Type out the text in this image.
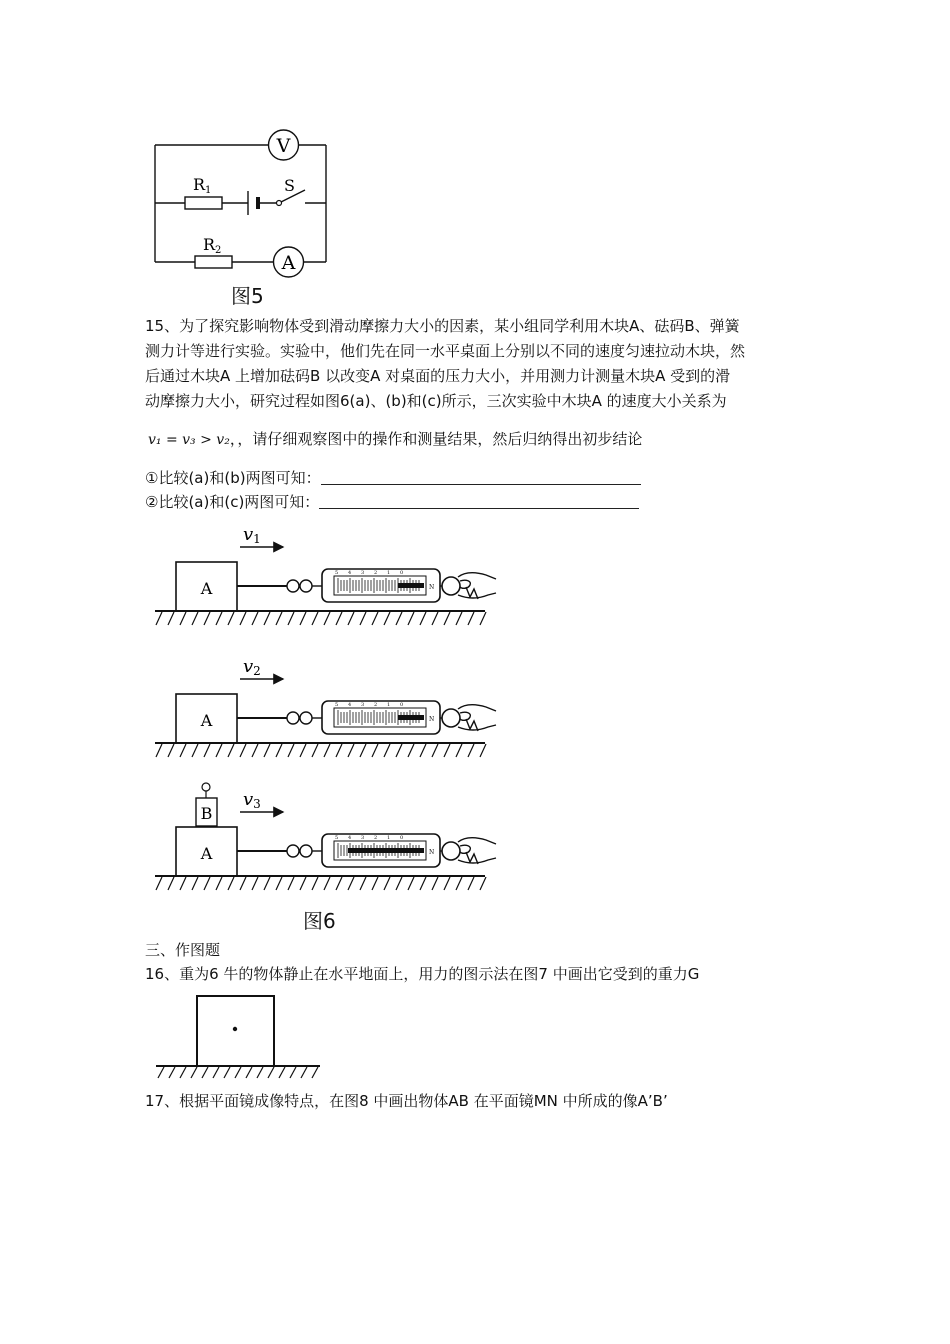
V
R1	S
R2
A
图5
15、为了探究影响物体受到滑动摩擦力大小的因素，某小组同学利用木块A、砝码B、弹簧
测力计等进行实验。实验中，他们先在同一水平桌面上分别以不同的速度匀速拉动木块，然
后通过木块A 上增加砝码B 以改变A 对桌面的压力大小，并用测力计测量木块A 受到的滑
动摩擦力大小，研究过程如图6(a)、(b)和(c)所示，三次实验中木块A 的速度大小关系为
v₁ = v₃ > v₂，，请仔细观察图中的操作和测量结果，然后归纳得出初步结论
①比较(a)和(b)两图可知：
②比较(a)和(c)两图可知：
v1
A
v2
A
v3
B
A
图6
三、作图题
16、重为6 牛的物体静止在水平地面上，用力的图示法在图7 中画出它受到的重力G
17、根据平面镜成像特点，在图8 中画出物体AB 在平面镜MN 中所成的像A’B’
